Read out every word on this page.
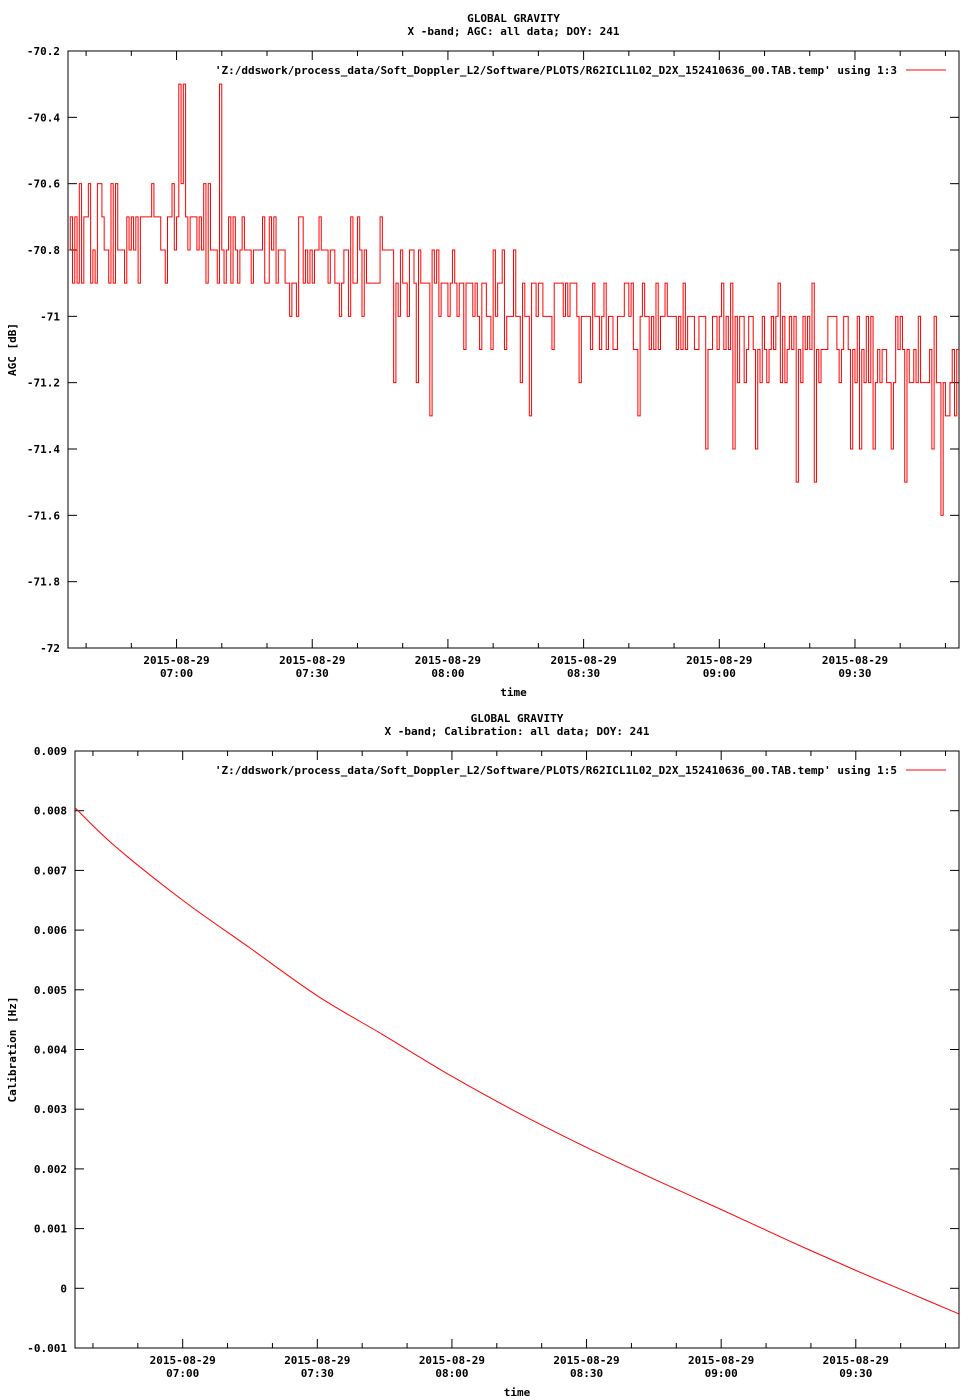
GLOBAL GRAVITY
X -band; AGC: all data; DOY: 241
-70.2
-70.4
-70.6
-70.8
-71
-71.2
-71.4
-71.6
-71.8
-72
2015-08-29
07:00
2015-08-29
07:30
2015-08-29
08:00
2015-08-29
08:30
2015-08-29
09:00
2015-08-29
09:30
time
AGC [dB]
'Z:/ddswork/process_data/Soft_Doppler_L2/Software/PLOTS/R62ICL1L02_D2X_152410636_00.TAB.temp' using 1:3
GLOBAL GRAVITY
X -band; Calibration: all data; DOY: 241
0.009
0.008
0.007
0.006
0.005
0.004
0.003
0.002
0.001
0
-0.001
2015-08-29
07:00
2015-08-29
07:30
2015-08-29
08:00
2015-08-29
08:30
2015-08-29
09:00
2015-08-29
09:30
time
Calibration [Hz]
'Z:/ddswork/process_data/Soft_Doppler_L2/Software/PLOTS/R62ICL1L02_D2X_152410636_00.TAB.temp' using 1:5
